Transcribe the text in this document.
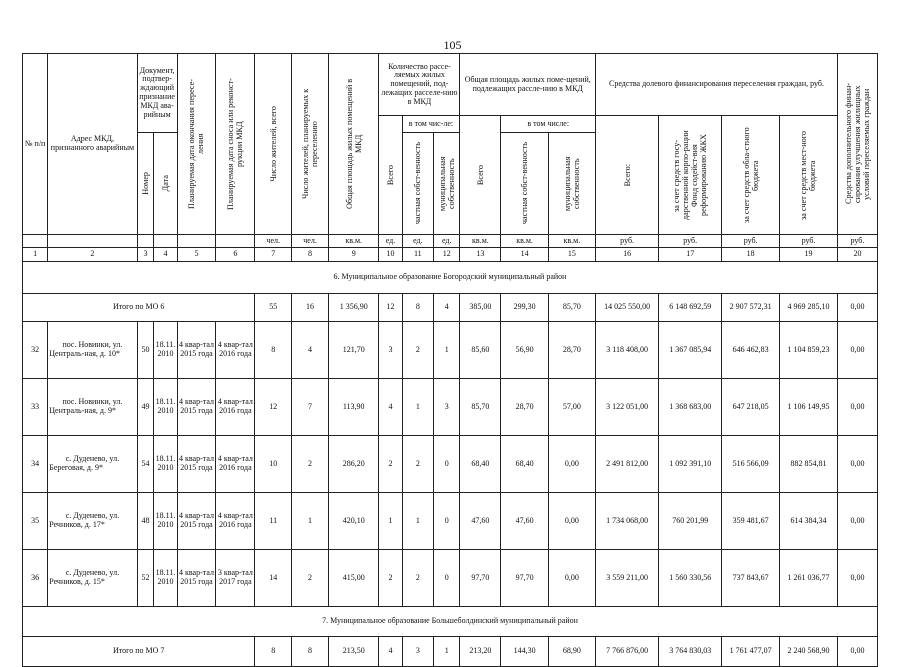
105
№ п/п	Адрес МКД, признанного аварийным	Документ, подтвер-ждающий признание МКД ава-рийным		Планируемая дата окончания пересе-ления	Планируемая дата сноса или реконст-рукции МКД	Число жителей, всего	Число жителей, планируемых к переселению	Общая площадь жилых помещений в МКД	Количество рассе-ляемых жилых помещений, под-лежащих расселе-нию в МКД			Общая площадь жилых поме-щений, подлежащих рассле-нию в МКД			Средства долевого финансирования переселения граждан, руб.				Средства дополнительного финан-сирования улучшения жилищных условий переселяемых граждан

									Всего	в том чис-ле:		Всего	в том числе:		Всего:	за счет средств госу-дарственной корпо-рации Фонд содейст-вия реформированию ЖКХ	за счет средств обла-стного бюджета	за счет средств мест-ного бюджета	

		Номер	Дата							частная собст-венность	муниципальная собственность		частная собст-венность	муниципальная собственность					

						чел.	чел.	кв.м.	ед.	ед.	ед.	кв.м.	кв.м.	кв.м.	руб.	руб.	руб.	руб.	руб.
1	2	3	4	5	6	7	8	9	10	11	12	13	14	15	16	17	18	19	20
6. Муниципальное образование Богородский муниципальный район																			
Итого по МО 6						55	16	1 356,90	12	8	4	385,00	299,30	85,70	14 025 550,00	6 148 692,59	2 907 572,31	4 969 285,10	0,00
32	пос. Новинки, ул. Централь-ная, д. 10*	50	18.11. 2010	4 квар-тал 2015 года	4 квар-тал 2016 года	8	4	121,70	3	2	1	85,60	56,90	28,70	3 118 408,00	1 367 085,94	646 462,83	1 104 859,23	0,00
33	пос. Новинки, ул. Централь-ная, д. 9*	49	18.11. 2010	4 квар-тал 2015 года	4 квар-тал 2016 года	12	7	113,90	4	1	3	85,70	28,70	57,00	3 122 051,00	1 368 683,00	647 218,05	1 106 149,95	0,00
34	с. Дуденево, ул. Береговая, д. 9*	54	18.11. 2010	4 квар-тал 2015 года	4 квар-тал 2016 года	10	2	286,20	2	2	0	68,40	68,40	0,00	2 491 812,00	1 092 391,10	516 566,09	882 854,81	0,00
35	с. Дуденево, ул. Речников, д. 17*	48	18.11. 2010	4 квар-тал 2015 года	4 квар-тал 2016 года	11	1	420,10	1	1	0	47,60	47,60	0,00	1 734 068,00	760 201,99	359 481,67	614 384,34	0,00
36	с. Дуденево, ул. Речников, д. 15*	52	18.11. 2010	4 квар-тал 2015 года	3 квар-тал 2017 года	14	2	415,00	2	2	0	97,70	97,70	0,00	3 559 211,00	1 560 330,56	737 843,67	1 261 036,77	0,00
7. Муниципальное образование Большеболдинский муниципальный район																			
Итого по МО 7						8	8	213,50	4	3	1	213,20	144,30	68,90	7 766 876,00	3 764 830,03	1 761 477,07	2 240 568,90	0,00
